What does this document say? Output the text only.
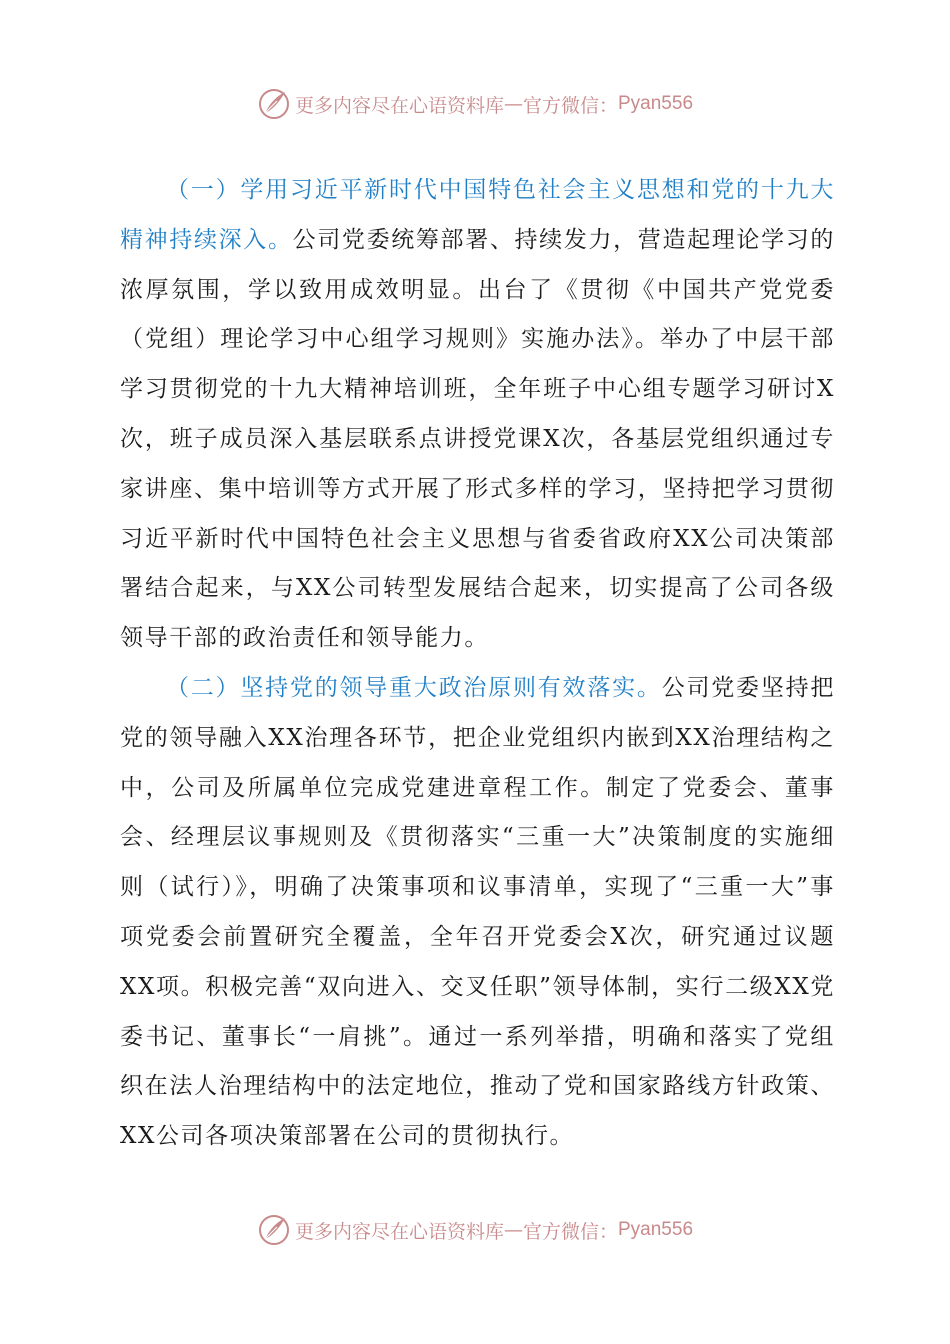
更多内容尽在心语资料库 — 官方微信： Pyan556

（一）学用习近平新时代中国特色社会主义思想和党的十九大精神持续深入。公司党委统筹部署、持续发力，营造起理论学习的浓厚氛围，学以致用成效明显。出台了《贯彻《中国共产党党委（党组）理论学习中心组学习规则》实施办法》。举办了中层干部学习贯彻党的十九大精神培训班，全年班子中心组专题学习研讨X次，班子成员深入基层联系点讲授党课X次，各基层党组织通过专家讲座、集中培训等方式开展了形式多样的学习，坚持把学习贯彻习近平新时代中国特色社会主义思想与省委省政府XX公司决策部署结合起来，与XX公司转型发展结合起来，切实提高了公司各级领导干部的政治责任和领导能力。

（二）坚持党的领导重大政治原则有效落实。公司党委坚持把党的领导融入XX治理各环节，把企业党组织内嵌到XX治理结构之中，公司及所属单位完成党建进章程工作。制定了党委会、董事会、经理层议事规则及《贯彻落实“三重一大”决策制度的实施细则（试行）》，明确了决策事项和议事清单，实现了“三重一大”事项党委会前置研究全覆盖，全年召开党委会X次，研究通过议题XX项。积极完善“双向进入、交叉任职”领导体制，实行二级XX党委书记、董事长“一肩挑”。通过一系列举措，明确和落实了党组织在法人治理结构中的法定地位，推动了党和国家路线方针政策、XX公司各项决策部署在公司的贯彻执行。

更多内容尽在心语资料库 — 官方微信： Pyan556
